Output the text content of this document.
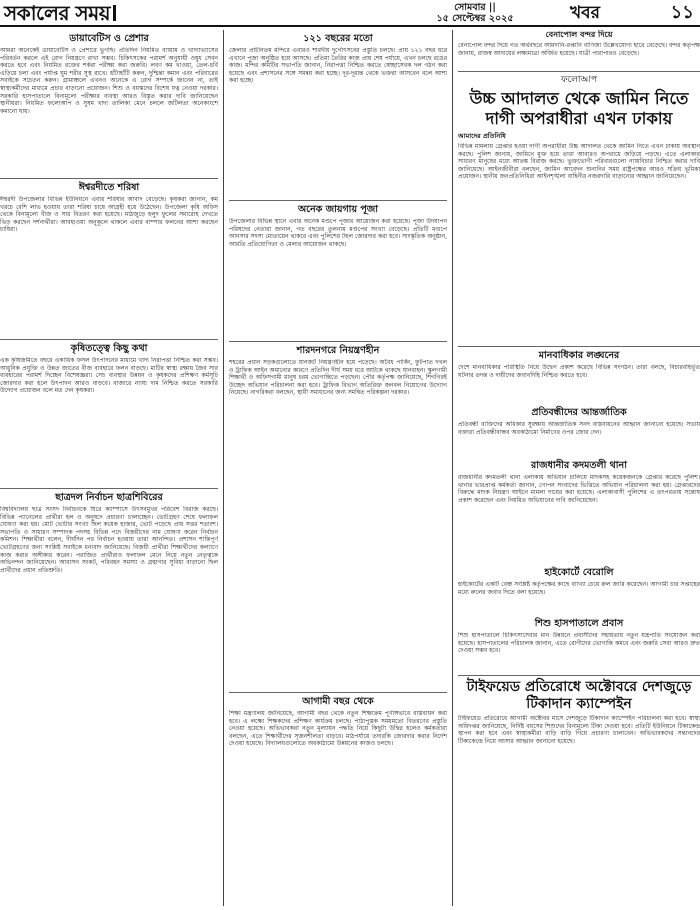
সকালের সময়	সোমবার ||
১৫ সেপ্টেম্বর ২০২৫	খবর	১১
ডায়াবেটিস ও প্রেশার

আমরা অনেকেই ডায়াবেটিস ও প্রেশারে ভুগছি। প্রতিদিন নিয়মিত ব্যায়াম ও খাদ্যাভ্যাসের পরিবর্তন করলে এই রোগ নিয়ন্ত্রণে রাখা সম্ভব। চিকিৎসকের পরামর্শ অনুযায়ী ওষুধ সেবন করতে হবে এবং নিয়মিত রক্তের শর্করা পরীক্ষা করা জরুরি। লবণ কম খাওয়া, তেল-চর্বি এড়িয়ে চলা এবং পর্যাপ্ত ঘুম শরীর সুস্থ রাখে। হাঁটাহাঁটি করুন, দুশ্চিন্তা কমান এবং পরিবারের সবাইকে সচেতন করুন। গ্রামাঞ্চলে এখনও অনেকে এ রোগ সম্পর্কে জানেন না, তাই স্বাস্থ্যকর্মীদের মাধ্যমে প্রচার বাড়ানো প্রয়োজন। শিশু ও বয়স্কদের বিশেষ যত্ন নেওয়া দরকার। সরকারি হাসপাতালে বিনামূল্যে পরীক্ষার ব্যবস্থা আরও বিস্তৃত করার দাবি জানিয়েছেন স্থানীয়রা। নিয়মিত ফলোআপ ও সুষম খাদ্য তালিকা মেনে চললে জটিলতা অনেকাংশে কমানো যায়।

ঈশ্বরদীতে শরিষা

ঈশ্বরদী উপজেলার বিভিন্ন ইউনিয়নে এবার শরিষার আবাদ বেড়েছে। কৃষকরা জানান, কম খরচে বেশি লাভ হওয়ায় তারা শরিষা চাষে আগ্রহী হয়ে উঠেছেন। উপজেলা কৃষি অফিস থেকে বিনামূল্যে বীজ ও সার বিতরণ করা হয়েছে। মাঠজুড়ে হলুদ ফুলের সমারোহ দেখতে ভিড় করছেন দর্শনার্থীরা। আবহাওয়া অনুকূলে থাকলে এবার বাম্পার ফলনের আশা করছেন চাষিরা।

কৃষিতত্ত্বে কিছু কথা

এক কৃষিজমিতে বছরে একাধিক ফসল উৎপাদনের মাধ্যমে খাদ্য নিরাপত্তা নিশ্চিত করা সম্ভব। আধুনিক প্রযুক্তি ও উন্নত জাতের বীজ ব্যবহারে ফলন বাড়ছে। মাটির স্বাস্থ্য রক্ষায় জৈব সার ব্যবহারের পরামর্শ দিচ্ছেন বিশেষজ্ঞরা। সেচ ব্যবস্থার উন্নয়ন ও কৃষকদের প্রশিক্ষণ কর্মসূচি জোরদার করা হলে উৎপাদন আরও বাড়বে। বাজারে ন্যায্য দাম নিশ্চিত করতে সরকারি উদ্যোগ প্রয়োজন বলে মত দেন কৃষকরা।

ছাত্রদল নির্বাচন ছাত্রশিবিরের

বিশ্ববিদ্যালয় ছাত্র সংসদ নির্বাচনকে ঘিরে ক্যাম্পাসে উৎসবমুখর পরিবেশ বিরাজ করছে। বিভিন্ন প্যানেলের প্রার্থীরা হল ও অনুষদে প্রচারণা চালাচ্ছেন। ভোটগ্রহণ শেষে ফলাফল ঘোষণা করা হয়। মোট ভোটার সংখ্যা ছিল কয়েক হাজার, ভোট পড়েছে প্রায় সত্তর শতাংশ। সভাপতি ও সাধারণ সম্পাদক পদসহ বিভিন্ন পদে বিজয়ীদের নাম ঘোষণা করেন নির্বাচন কমিশন। শিক্ষার্থীরা বলেন, দীর্ঘদিন পর নির্বাচন হওয়ায় তারা আনন্দিত। প্রশাসন শান্তিপূর্ণ ভোটগ্রহণের জন্য সংশ্লিষ্ট সবাইকে ধন্যবাদ জানিয়েছে। বিজয়ী প্রার্থীরা শিক্ষার্থীদের কল্যাণে কাজ করার অঙ্গীকার করেন। পরাজিত প্রার্থীরাও ফলাফল মেনে নিয়ে নতুন নেতৃত্বকে অভিনন্দন জানিয়েছেন। আবাসন সংকট, পরিবহন সমস্যা ও গ্রন্থাগার সুবিধা বাড়ানো ছিল প্রার্থীদের প্রধান প্রতিশ্রুতি।

১২১ বছরের মতো

জেলার প্রাচীনতম মন্দিরে এবারও শারদীয় দুর্গোৎসবের প্রস্তুতি চলছে। প্রায় ১২১ বছর ধরে এখানে পূজা অনুষ্ঠিত হয়ে আসছে। প্রতিমা তৈরির কাজ প্রায় শেষ পর্যায়ে, এখন চলছে রঙের কাজ। মন্দির কমিটির সভাপতি জানান, নিরাপত্তা নিশ্চিত করতে স্বেচ্ছাসেবক দল গঠন করা হয়েছে এবং প্রশাসনের সঙ্গে সমন্বয় করা হচ্ছে। দূর-দূরান্ত থেকে ভক্তরা আসবেন বলে আশা করা হচ্ছে।

অনেক জায়গায় পূজা

উপজেলার বিভিন্ন স্থানে এবার অনেক মণ্ডপে পূজার আয়োজন করা হয়েছে। পূজা উদযাপন পরিষদের নেতারা জানান, গত বছরের তুলনায় মণ্ডপের সংখ্যা বেড়েছে। প্রতিটি মণ্ডপে আনসার সদস্য মোতায়েন থাকবে এবং পুলিশের টহল জোরদার করা হবে। সাংস্কৃতিক অনুষ্ঠান, আরতি প্রতিযোগিতা ও মেলার আয়োজন থাকছে।

শারদনগরে নিয়ন্ত্রণহীন

শহরের প্রধান সড়কগুলোতে যানজট নিয়ন্ত্রণহীন হয়ে পড়েছে। অবৈধ পার্কিং, ফুটপাত দখল ও ট্রাফিক আইন অমান্যের কারণে প্রতিদিন দীর্ঘ সময় ধরে আটকে থাকছে যানবাহন। স্কুলগামী শিক্ষার্থী ও অফিসগামী মানুষ চরম ভোগান্তিতে পড়ছেন। পৌর কর্তৃপক্ষ জানিয়েছে, শিগগিরই উচ্ছেদ অভিযান পরিচালনা করা হবে। ট্রাফিক বিভাগ অতিরিক্ত জনবল নিয়োগের উদ্যোগ নিয়েছে। নাগরিকরা বলছেন, স্থায়ী সমাধানের জন্য সমন্বিত পরিকল্পনা দরকার।

আগামী বছর থেকে

শিক্ষা মন্ত্রণালয় জানিয়েছে, আগামী বছর থেকে নতুন শিক্ষাক্রম পূর্ণাঙ্গভাবে বাস্তবায়ন করা হবে। এ লক্ষ্যে শিক্ষকদের প্রশিক্ষণ কার্যক্রম চলছে। পাঠ্যপুস্তক সময়মতো বিতরণের প্রস্তুতি নেওয়া হয়েছে। অভিভাবকরা নতুন মূল্যায়ন পদ্ধতি নিয়ে কিছুটা উদ্বিগ্ন হলেও কর্মকর্তারা বলছেন, এতে শিক্ষার্থীদের সৃজনশীলতা বাড়বে। মাঠপর্যায়ে তদারকি জোরদার করার নির্দেশ দেওয়া হয়েছে। বিদ্যালয়গুলোতে অবকাঠামো উন্নয়নের কাজও চলছে।

বেনাপোল বন্দর দিয়ে

বেনাপোল বন্দর দিয়ে গত অর্থবছরে আমদানি-রপ্তানি বাণিজ্য উল্লেখযোগ্য হারে বেড়েছে। বন্দর কর্তৃপক্ষ জানায়, রাজস্ব আদায়ের লক্ষ্যমাত্রা অর্জিত হয়েছে। যাত্রী পারাপারও বেড়েছে।

ফলোআপ
উচ্চ আদালত থেকে জামিন নিতে দাগী অপরাধীরা এখন ঢাকায়
আমাদের প্রতিনিধি

বিভিন্ন মামলায় গ্রেপ্তার হওয়া দাগী অপরাধীরা উচ্চ আদালত থেকে জামিন নিতে এখন ঢাকায় অবস্থান করছে। পুলিশ জানায়, জামিনে মুক্ত হয়ে তারা আবারও অপরাধে জড়িয়ে পড়ছে। এতে এলাকার সাধারণ মানুষের মধ্যে আতঙ্ক বিরাজ করছে। ভুক্তভোগী পরিবারগুলো ন্যায়বিচার নিশ্চিত করার দাবি জানিয়েছে। আইনজীবীরা বলছেন, জামিন আবেদন শুনানির সময় রাষ্ট্রপক্ষের আরও সক্রিয় ভূমিকা প্রয়োজন। স্থানীয় জনপ্রতিনিধিরা আইনশৃঙ্খলা বাহিনীর নজরদারি বাড়ানোর আহ্বান জানিয়েছেন।

মানবাধিকার লঙ্ঘনের

দেশে মানবাধিকার পরিস্থিতি নিয়ে উদ্বেগ প্রকাশ করেছে বিভিন্ন সংগঠন। তারা বলছে, বিচারবহির্ভূত ঘটনার তদন্ত ও দায়ীদের জবাবদিহি নিশ্চিত করতে হবে।

প্রতিবন্ধীদের আন্তর্জাতিক

প্রতিবন্ধী ব্যক্তিদের অধিকার সুরক্ষায় আন্তর্জাতিক সনদ বাস্তবায়নের আহ্বান জানানো হয়েছে। সভায় বক্তারা প্রতিবন্ধীবান্ধব অবকাঠামো নির্মাণের ওপর জোর দেন।

রাজধানীর কদমতলী থানা

রাজধানীর কদমতলী থানা এলাকায় অভিযান চালিয়ে মাদকসহ কয়েকজনকে গ্রেপ্তার করেছে পুলিশ। থানার ভারপ্রাপ্ত কর্মকর্তা জানান, গোপন সংবাদের ভিত্তিতে অভিযান পরিচালনা করা হয়। গ্রেপ্তারদের বিরুদ্ধে মাদক নিয়ন্ত্রণ আইনে মামলা দায়ের করা হয়েছে। এলাকাবাসী পুলিশের এ তৎপরতায় সন্তোষ প্রকাশ করেছেন এবং নিয়মিত অভিযানের দাবি জানিয়েছেন।

হাইকোর্টে বেরোলি

হাইকোর্টের একটি বেঞ্চ সংশ্লিষ্ট কর্তৃপক্ষের কাছে ব্যাখ্যা চেয়ে রুল জারি করেছেন। আগামী চার সপ্তাহের মধ্যে রুলের জবাব দিতে বলা হয়েছে।

শিশু হাসপাতালে প্রবাস

শিশু হাসপাতালে চিকিৎসাসেবার মান উন্নয়নে প্রবাসীদের সহায়তায় নতুন যন্ত্রপাতি সংযোজন করা হয়েছে। হাসপাতালের পরিচালক জানান, এতে রোগীদের ভোগান্তি কমবে এবং জরুরি সেবা আরও দ্রুত দেওয়া সম্ভব হবে।

টাইফয়েড প্রতিরোধে অক্টোবরে দেশজুড়ে টিকাদান ক্যাম্পেইন

টাইফয়েড প্রতিরোধে আগামী অক্টোবর মাসে দেশজুড়ে টিকাদান ক্যাম্পেইন পরিচালনা করা হবে। স্বাস্থ্য অধিদপ্তর জানিয়েছে, নির্দিষ্ট বয়সের শিশুদের বিনামূল্যে টিকা দেওয়া হবে। প্রতিটি ইউনিয়নে টিকাকেন্দ্র স্থাপন করা হবে এবং স্বাস্থ্যকর্মীরা বাড়ি বাড়ি গিয়ে প্রচারণা চালাবেন। অভিভাবকদের সন্তানদের টিকাকেন্দ্রে নিয়ে আসার আহ্বান জানানো হয়েছে।
